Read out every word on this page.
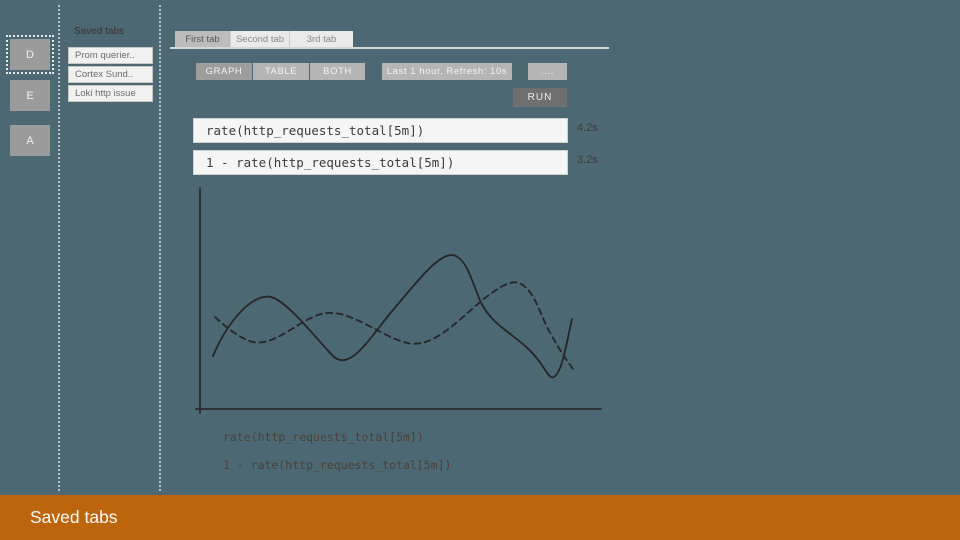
D
E
A
Saved tabs
Prom querier..
Cortex Sund..
Loki http issue
First tab	Second tab	3rd tab
GRAPH	TABLE	BOTH	Last 1 hour, Refresh: 10s	....
RUN
rate(http_requests_total[5m])	4.2s
1 - rate(http_requests_total[5m])	3.2s
rate(http_requests_total[5m])
1 - rate(http_requests_total[5m])
Saved tabs
